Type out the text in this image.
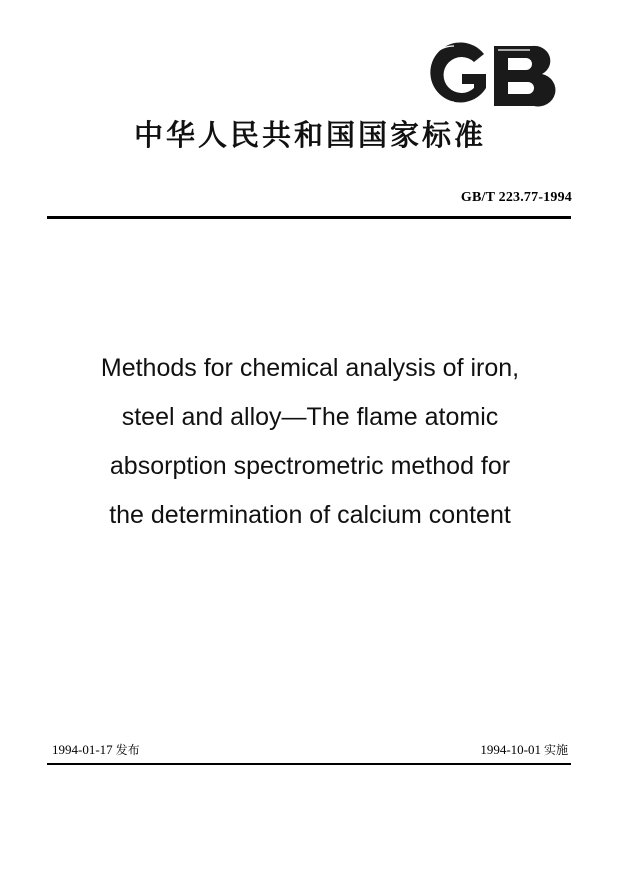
中华人民共和国国家标准
GB/T 223.77-1994
Methods for chemical analysis of iron,
steel and alloy—The flame atomic
absorption spectrometric method for
the determination of calcium content
1994-01-17 发布	1994-10-01 实施
